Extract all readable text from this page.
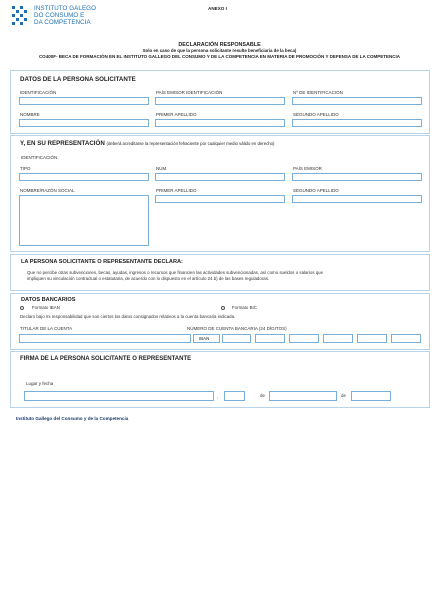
INSTITUTO GALEGO
DO CONSUMO E
DA COMPETENCIA
ANEXO I
DECLARACIÓN RESPONSABLE
Solo en caso de que la persona solicitante resulte beneficiaria de la beca)
CO400F- BECA DE FORMACIÓN EN EL INSTITUTO GALLEGO DEL CONSUMO Y DE LA COMPETENCIA EN MATERIA DE PROMOCIÓN Y DEFENSA DE LA COMPETENCIA
DATOS DE LA PERSONA SOLICITANTE
IDENTIFICACIÓN	PAÍS EMISOR IDENTIFICACIÓN	Nº DE IDENTIFICACIÓN
NOMBRE	PRIMER APELLIDO	SEGUNDO APELLIDO
Y, EN SU REPRESENTACIÓN (deberá acreditarse la representación fehaciente por cualquier medio válido en derecho)
IDENTIFICACIÓN
TIPO	NÚM.	PAÍS EMISOR
NOMBRE/RAZÓN SOCIAL	PRIMER APELLIDO	SEGUNDO APELLIDO
LA PERSONA SOLICITANTE O REPRESENTANTE DECLARA:
Que no percibe otras subvenciones, becas, ayudas, ingresos o recursos que financien las actividades subvencionadas, así como sueldos o salarios que
impliquen su vinculación contractual o estatutaria, de acuerdo con lo dispuesto en el artículo 24.b) de las bases reguladoras.
DATOS BANCARIOS
Formato IBAN	Formato BIC
Declaro bajo mi responsabilidad que son ciertos los datos consignados relativos a la cuenta bancaria indicada.
TITULAR DE LA CUENTA	NÚMERO DE CUENTA BANCARIA (24 DÍGITOS)
IBAN
FIRMA DE LA PERSONA SOLICITANTE O REPRESENTANTE
Lugar y fecha
,	de	de
Instituto Gallego del Consumo y de la Competencia
